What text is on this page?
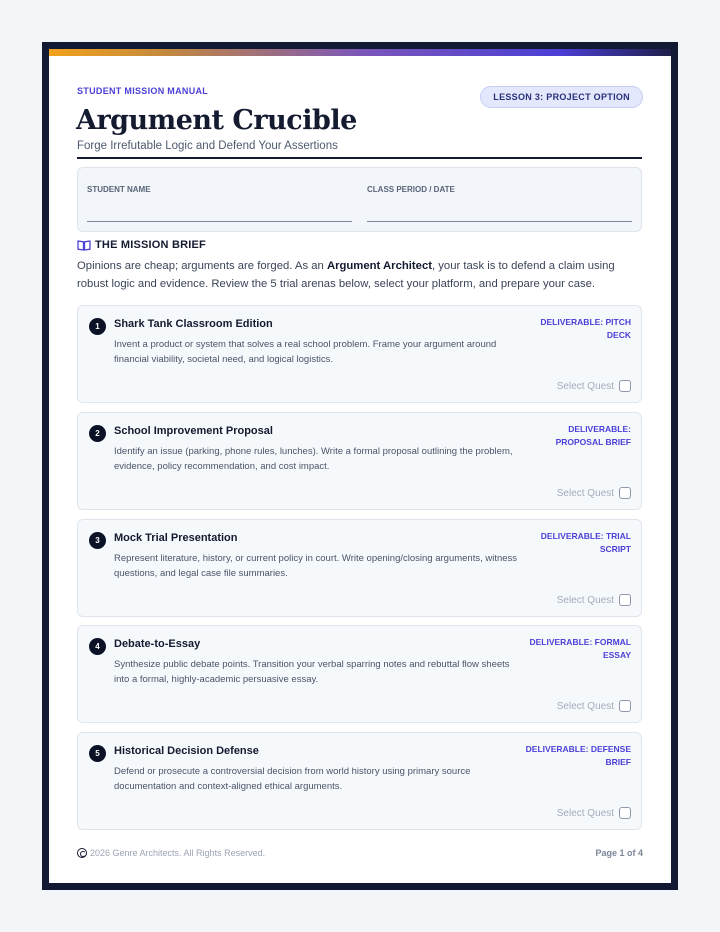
STUDENT MISSION MANUAL
LESSON 3: PROJECT OPTION
Argument Crucible
Forge Irrefutable Logic and Defend Your Assertions
STUDENT NAME	CLASS PERIOD / DATE
THE MISSION BRIEF
Opinions are cheap; arguments are forged. As an Argument Architect, your task is to defend a claim using robust logic and evidence. Review the 5 trial arenas below, select your platform, and prepare your case.
1	Shark Tank Classroom Edition
Invent a product or system that solves a real school problem. Frame your argument around financial viability, societal need, and logical logistics.
DELIVERABLE: PITCH DECK
Select Quest
2	School Improvement Proposal
Identify an issue (parking, phone rules, lunches). Write a formal proposal outlining the problem, evidence, policy recommendation, and cost impact.
DELIVERABLE: PROPOSAL BRIEF
Select Quest
3	Mock Trial Presentation
Represent literature, history, or current policy in court. Write opening/closing arguments, witness questions, and legal case file summaries.
DELIVERABLE: TRIAL SCRIPT
Select Quest
4	Debate-to-Essay
Synthesize public debate points. Transition your verbal sparring notes and rebuttal flow sheets into a formal, highly-academic persuasive essay.
DELIVERABLE: FORMAL ESSAY
Select Quest
5	Historical Decision Defense
Defend or prosecute a controversial decision from world history using primary source documentation and context-aligned ethical arguments.
DELIVERABLE: DEFENSE BRIEF
Select Quest
2026 Genre Architects. All Rights Reserved.	Page 1 of 4
